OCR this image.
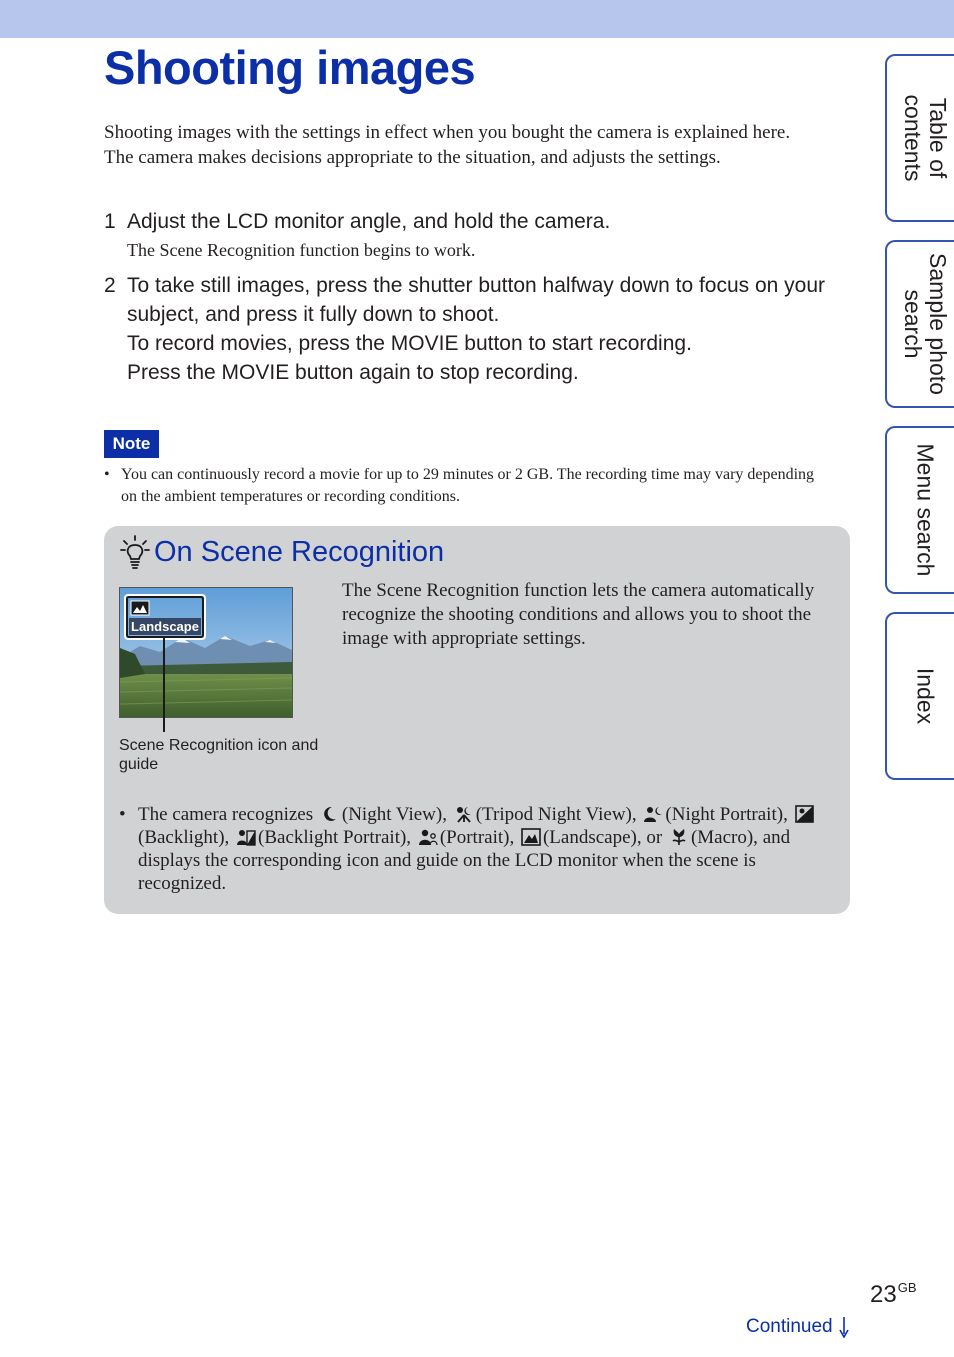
Shooting images

Shooting images with the settings in effect when you bought the camera is explained here.

The camera makes decisions appropriate to the situation, and adjusts the settings.

1 Adjust the LCD monitor angle, and hold the camera.

The Scene Recognition function begins to work.
2 To take still images, press the shutter button halfway down to focus on your subject, and press it fully down to shoot.

To record movies, press the MOVIE button to start recording.

Press the MOVIE button again to stop recording.

Note
• You can continuously record a movie for up to 29 minutes or 2 GB. The recording time may vary depending on the ambient temperatures or recording conditions.
On Scene Recognition
Landscape
Scene Recognition icon and guide
The Scene Recognition function lets the camera automatically recognize the shooting conditions and allows you to shoot the image with appropriate settings.
• The camera recognizes (Night View), (Tripod Night View), (Night Portrait), (Backlight), (Backlight Portrait), (Portrait), (Landscape), or (Macro), and displays the corresponding icon and guide on the LCD monitor when the scene is recognized.
Table of
contents
Sample photo
search
Menu search
Index
$23^{GB}$
Continued
